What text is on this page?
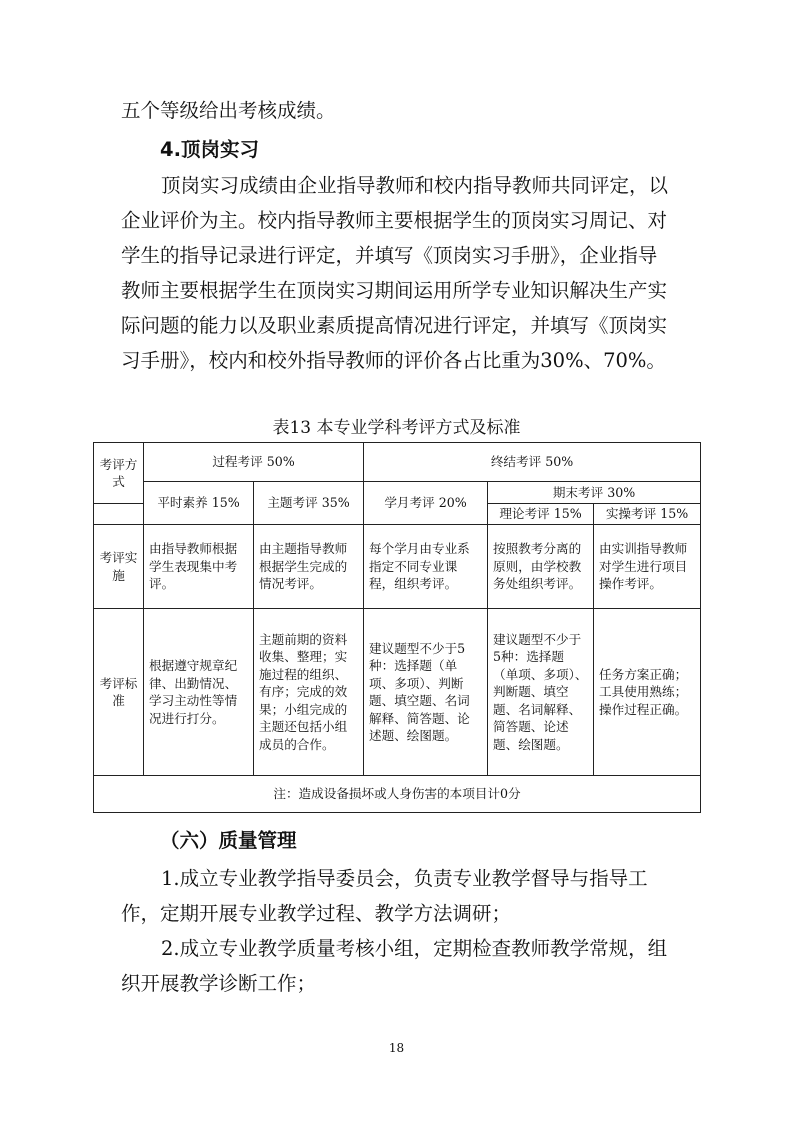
五个等级给出考核成绩。

4.顶岗实习

顶岗实习成绩由企业指导教师和校内指导教师共同评定，以企业评价为主。校内指导教师主要根据学生的顶岗实习周记、对学生的指导记录进行评定，并填写《顶岗实习手册》，企业指导教师主要根据学生在顶岗实习期间运用所学专业知识解决生产实际问题的能力以及职业素质提高情况进行评定，并填写《顶岗实习手册》，校内和校外指导教师的评价各占比重为30%、70%。

表13 本专业学科考评方式及标准

考评方式	过程考评 50%		终结考评 50%		
	平时素养 15%	主题考评 35%	学月考评 20%	期末考评 30%	
				理论考评 15%	实操考评 15%
考评实施	由指导教师根据学生表现集中考评。	由主题指导教师根据学生完成的情况考评。	每个学月由专业系指定不同专业课程，组织考评。	按照教考分离的原则，由学校教务处组织考评。	由实训指导教师对学生进行项目操作考评。
考评标准	根据遵守规章纪律、出勤情况、学习主动性等情况进行打分。	主题前期的资料收集、整理；实施过程的组织、有序；完成的效果；小组完成的主题还包括小组成员的合作。	建议题型不少于5种：选择题（单项、多项）、判断题、填空题、名词解释、简答题、论述题、绘图题。	建议题型不少于5种：选择题（单项、多项）、判断题、填空题、名词解释、简答题、论述题、绘图题。	任务方案正确；工具使用熟练；操作过程正确。
注：造成设备损坏或人身伤害的本项目计0分					

（六）质量管理

1.成立专业教学指导委员会，负责专业教学督导与指导工作，定期开展专业教学过程、教学方法调研；

2.成立专业教学质量考核小组，定期检查教师教学常规，组织开展教学诊断工作；

18
